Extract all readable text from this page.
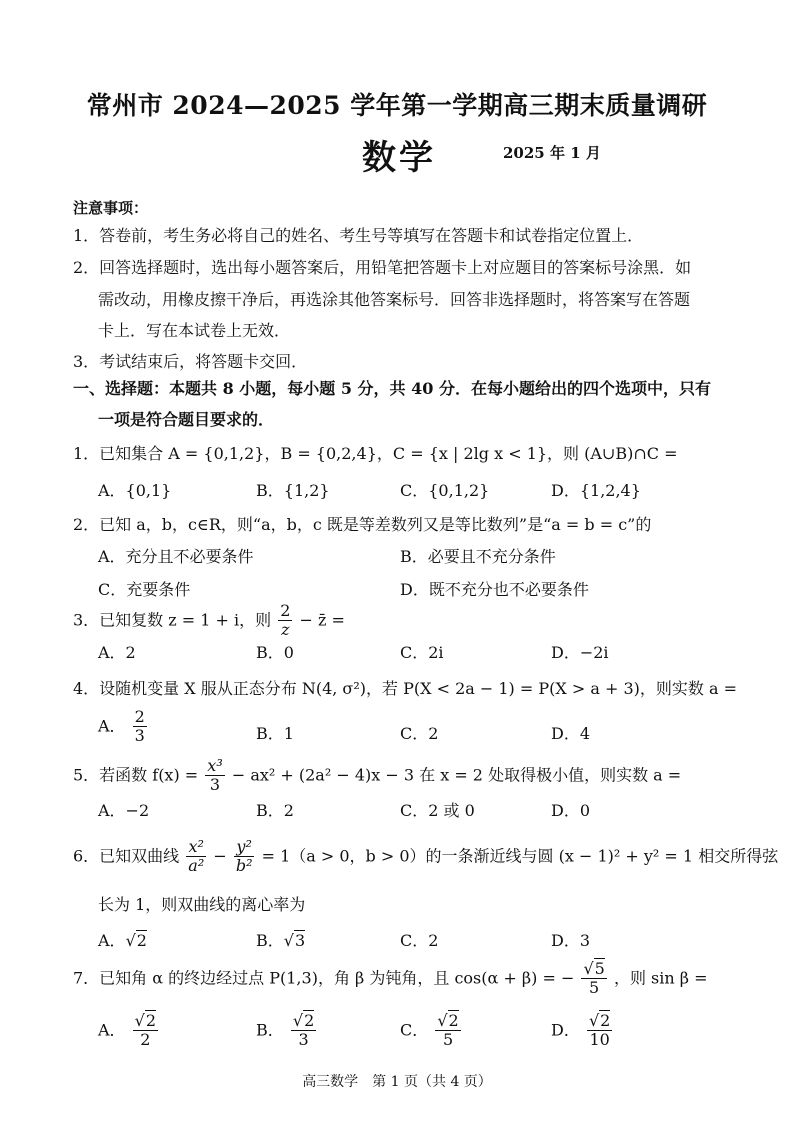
常州市 2024—2025 学年第一学期高三期末质量调研
数学	2025 年 1 月
注意事项：
1．答卷前，考生务必将自己的姓名、考生号等填写在答题卡和试卷指定位置上．
2．回答选择题时，选出每小题答案后，用铅笔把答题卡上对应题目的答案标号涂黑．如
需改动，用橡皮擦干净后，再选涂其他答案标号．回答非选择题时，将答案写在答题
卡上．写在本试卷上无效．
3．考试结束后，将答题卡交回．
一、选择题：本题共 8 小题，每小题 5 分，共 40 分．在每小题给出的四个选项中，只有
一项是符合题目要求的．
1．已知集合 A = {0,1,2}，B = {0,2,4}，C = {x | 2lg x < 1}，则 (A∪B)∩C =
A．{0,1}	B．{1,2}	C．{0,1,2}	D．{1,2,4}
2．已知 a，b，c∈R，则“a，b，c 既是等差数列又是等比数列”是“a = b = c”的
A．充分且不必要条件	B．必要且不充分条件
C．充要条件	D．既不充分也不必要条件
3．已知复数 z = 1 + i，则 $\frac{2}{z}$ − z̄ =
A．2	B．0	C．2i	D．−2i
4．设随机变量 X 服从正态分布 N(4, σ²)，若 P(X < 2a − 1) = P(X > a + 3)，则实数 a =
A． $\frac{2}{3}$	B．1	C．2	D．4
5．若函数 $f(x) = \frac{\text{x³}}{3} - ax^2 + (2a^2 - 4)x - 3$ 在 x = 2 处取得极小值，则实数 a =
A．−2	B．2	C．2 或 0	D．0
6．已知双曲线 $\frac{\text{x²}}{\text{a²}} - \frac{\text{y²}}{\text{b²}} = 1(a > 0$，b > 0）的一条渐近线与圆 (x − 1)² + y² = 1 相交所得弦
长为 1，则双曲线的离心率为
A．√2	B．√3	C．2	D．3
7．已知角 α 的终边经过点 P(1,3)，角 β 为钝角，且 cos(α + β) = − $\frac{√5}{5}$ ，则 sin β =
A． $\frac{√2}{2}$	B． $\frac{√2}{3}$	C． $\frac{√2}{5}$	D． $\frac{√2}{10}$
高三数学　第 1 页（共 4 页）
